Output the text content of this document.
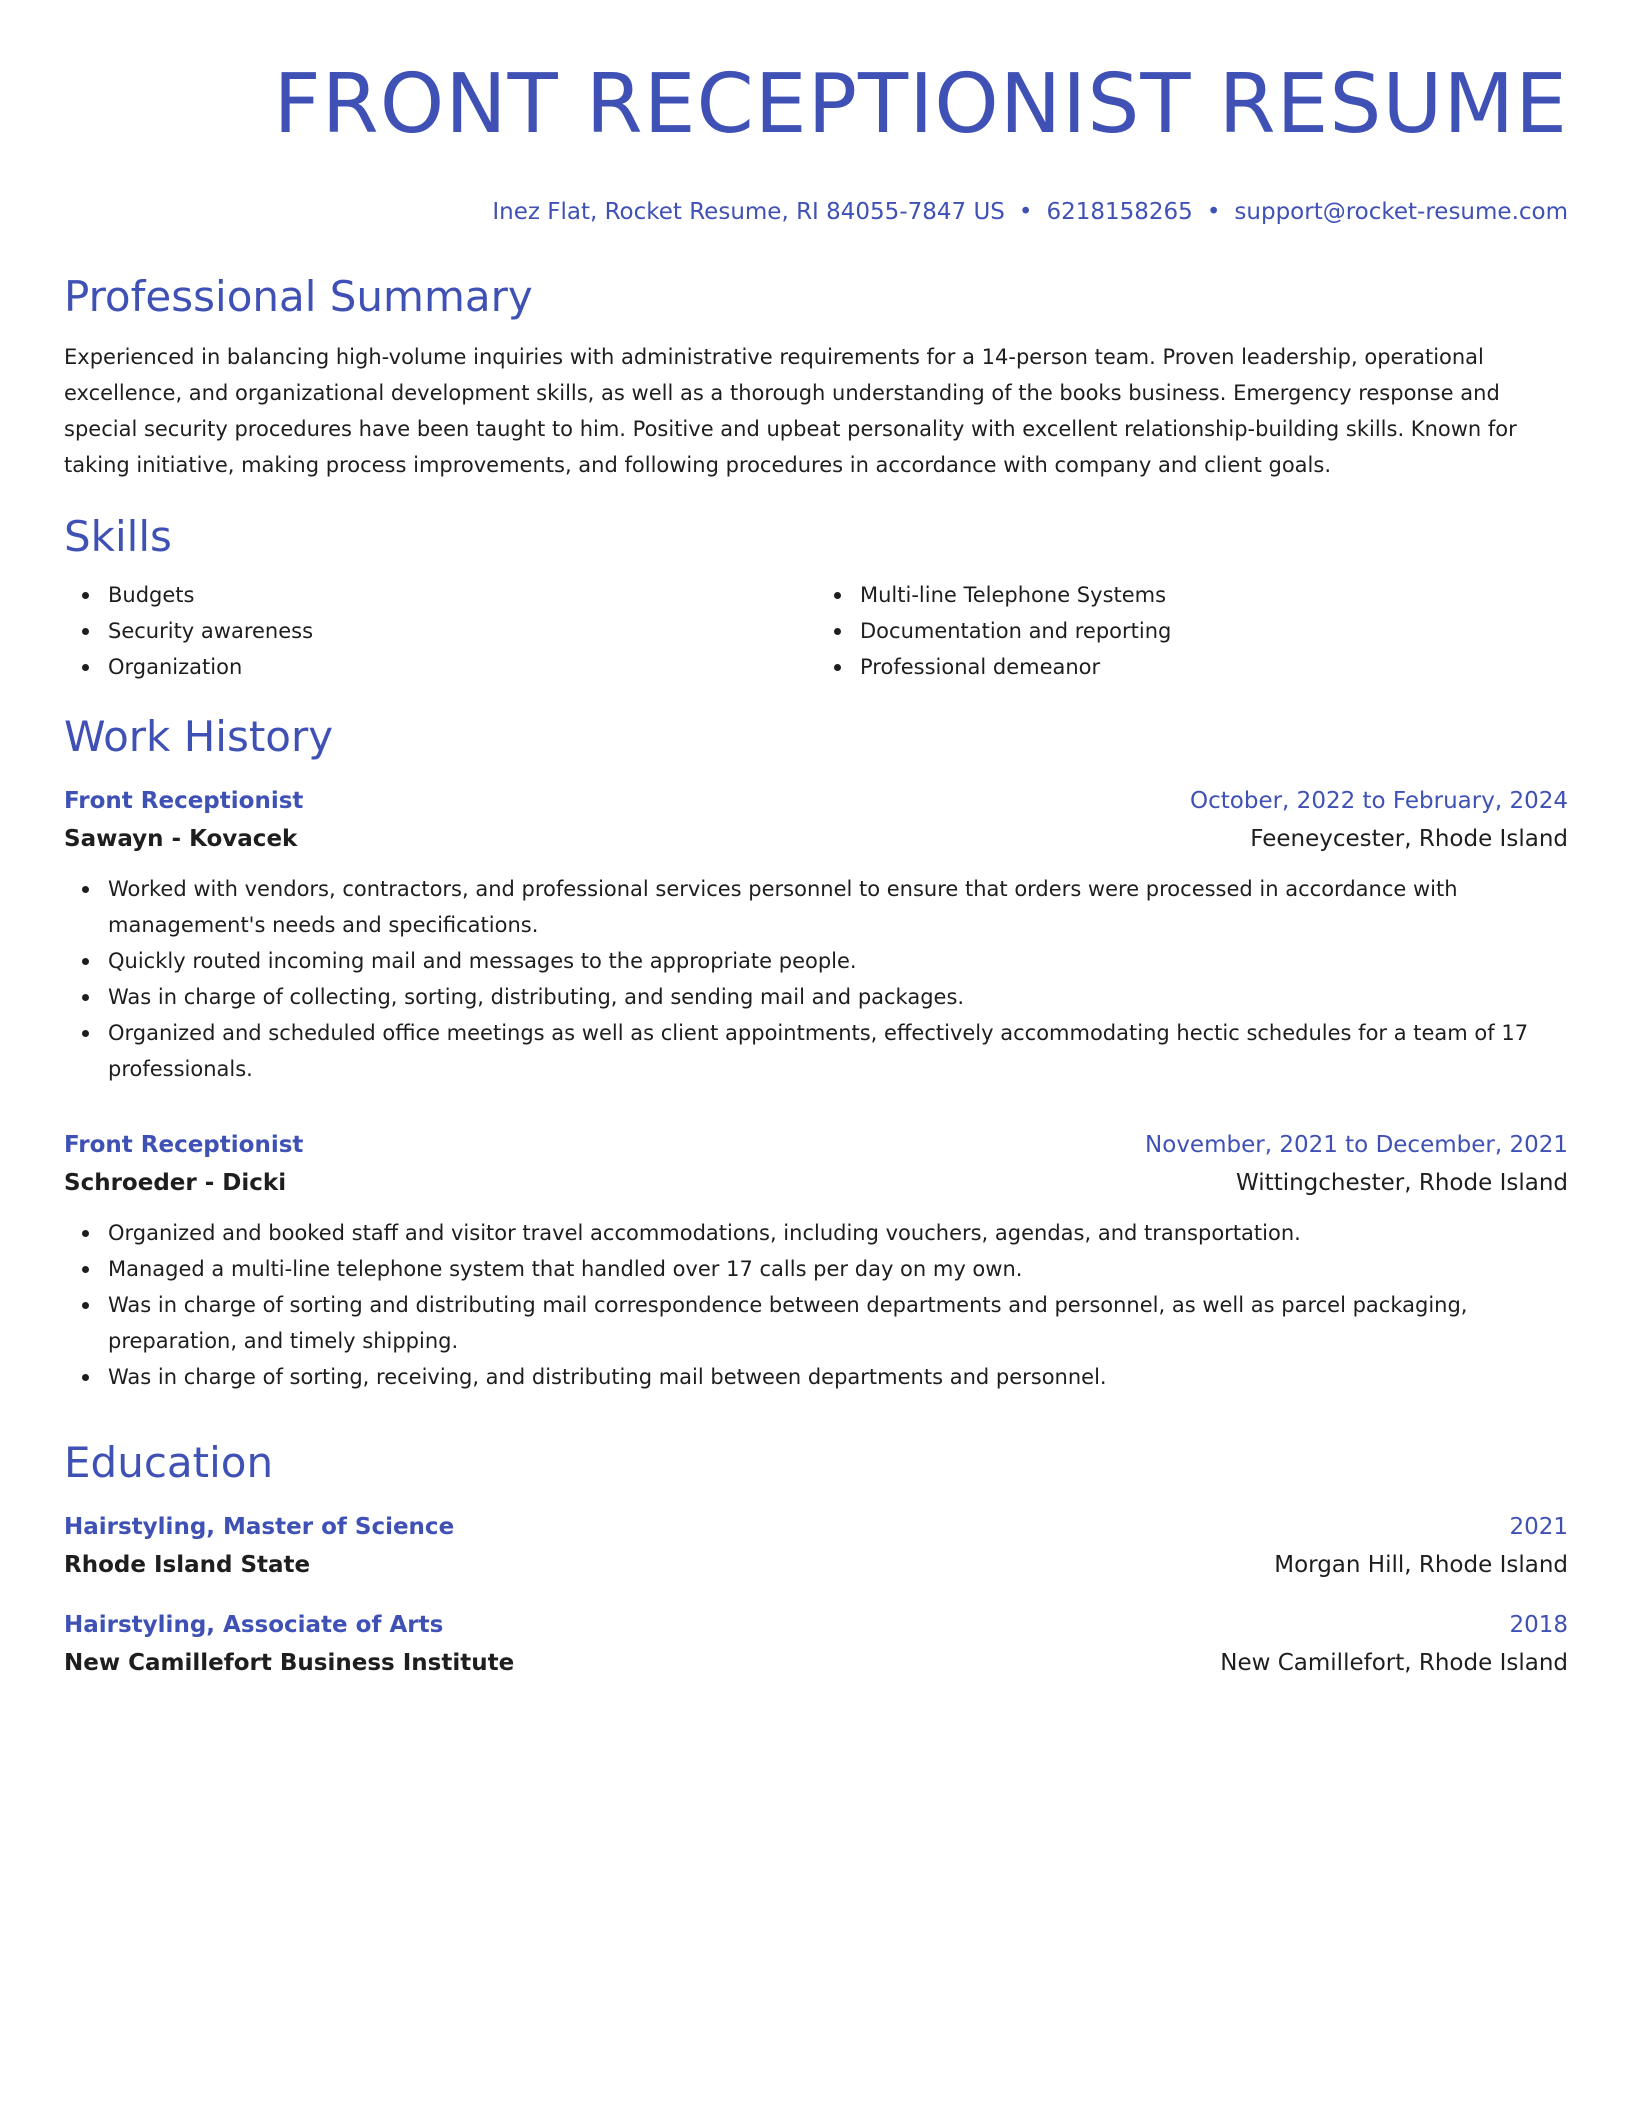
FRONT RECEPTIONIST RESUME
Inez Flat, Rocket Resume, RI 84055-7847 US • 6218158265 • support@rocket-resume.com
Professional Summary
Experienced in balancing high-volume inquiries with administrative requirements for a 14-person team. Proven leadership, operational excellence, and organizational development skills, as well as a thorough understanding of the books business. Emergency response and special security procedures have been taught to him. Positive and upbeat personality with excellent relationship-building skills. Known for taking initiative, making process improvements, and following procedures in accordance with company and client goals.
Skills
Budgets
Security awareness
Organization
Multi-line Telephone Systems
Documentation and reporting
Professional demeanor
Work History
Front Receptionist	October, 2022 to February, 2024
Sawayn - Kovacek	Feeneycester, Rhode Island
Worked with vendors, contractors, and professional services personnel to ensure that orders were processed in accordance with management's needs and specifications.
Quickly routed incoming mail and messages to the appropriate people.
Was in charge of collecting, sorting, distributing, and sending mail and packages.
Organized and scheduled office meetings as well as client appointments, effectively accommodating hectic schedules for a team of 17 professionals.
Front Receptionist	November, 2021 to December, 2021
Schroeder - Dicki	Wittingchester, Rhode Island
Organized and booked staff and visitor travel accommodations, including vouchers, agendas, and transportation.
Managed a multi-line telephone system that handled over 17 calls per day on my own.
Was in charge of sorting and distributing mail correspondence between departments and personnel, as well as parcel packaging, preparation, and timely shipping.
Was in charge of sorting, receiving, and distributing mail between departments and personnel.
Education
Hairstyling, Master of Science	2021
Rhode Island State	Morgan Hill, Rhode Island
Hairstyling, Associate of Arts	2018
New Camillefort Business Institute	New Camillefort, Rhode Island
